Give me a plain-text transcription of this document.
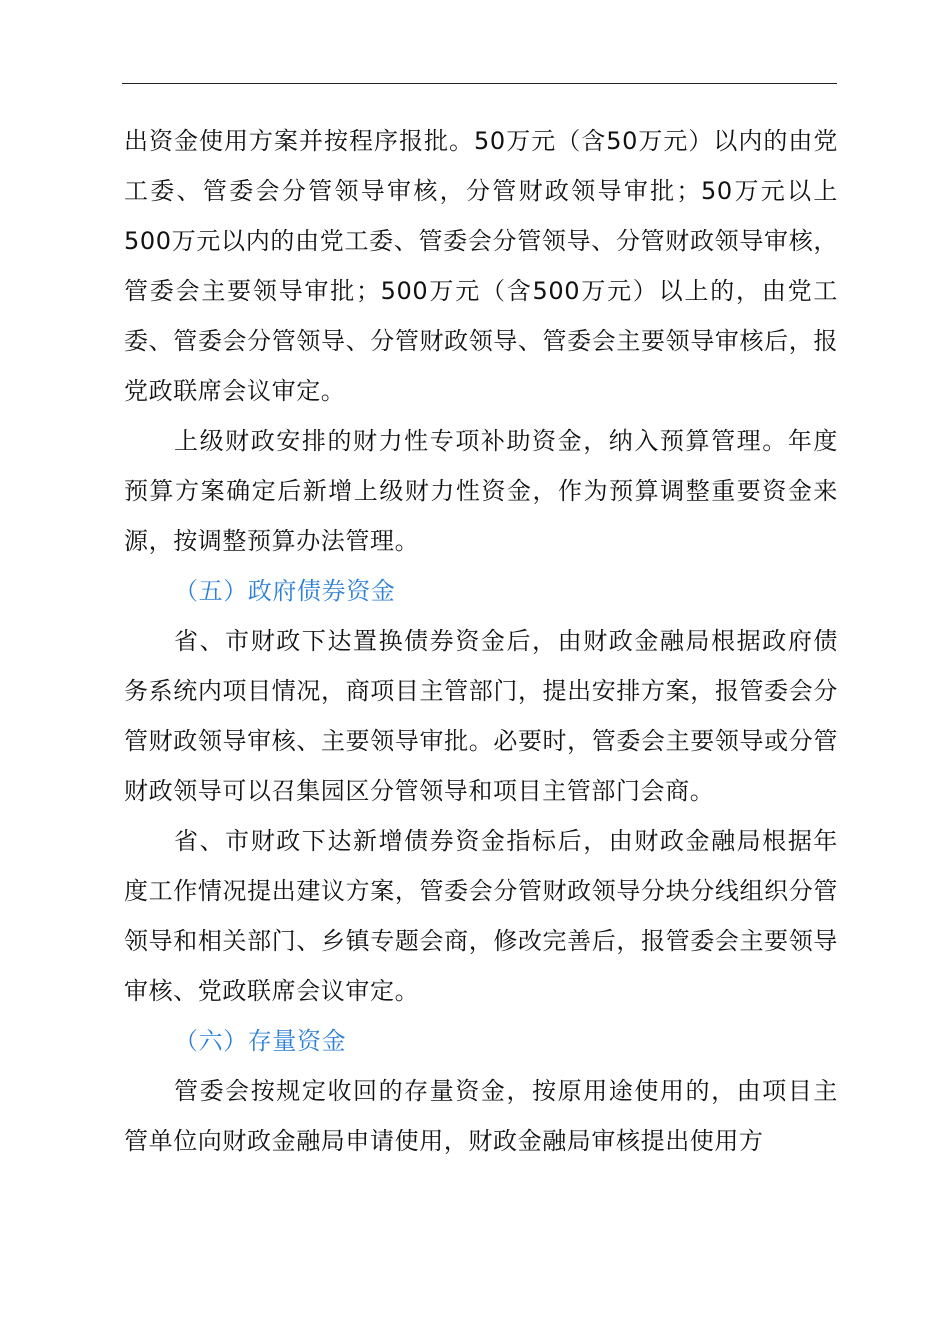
出资金使用方案并按程序报批。50万元（含50万元）以内的由党工委、管委会分管领导审核，分管财政领导审批；50万元以上500万元以内的由党工委、管委会分管领导、分管财政领导审核，管委会主要领导审批；500万元（含500万元）以上的，由党工委、管委会分管领导、分管财政领导、管委会主要领导审核后，报党政联席会议审定。

上级财政安排的财力性专项补助资金，纳入预算管理。年度预算方案确定后新增上级财力性资金，作为预算调整重要资金来源，按调整预算办法管理。

（五）政府债券资金

省、市财政下达置换债券资金后，由财政金融局根据政府债务系统内项目情况，商项目主管部门，提出安排方案，报管委会分管财政领导审核、主要领导审批。必要时，管委会主要领导或分管财政领导可以召集园区分管领导和项目主管部门会商。

省、市财政下达新增债券资金指标后，由财政金融局根据年度工作情况提出建议方案，管委会分管财政领导分块分线组织分管领导和相关部门、乡镇专题会商，修改完善后，报管委会主要领导审核、党政联席会议审定。

（六）存量资金

管委会按规定收回的存量资金，按原用途使用的，由项目主管单位向财政金融局申请使用，财政金融局审核提出使用方
